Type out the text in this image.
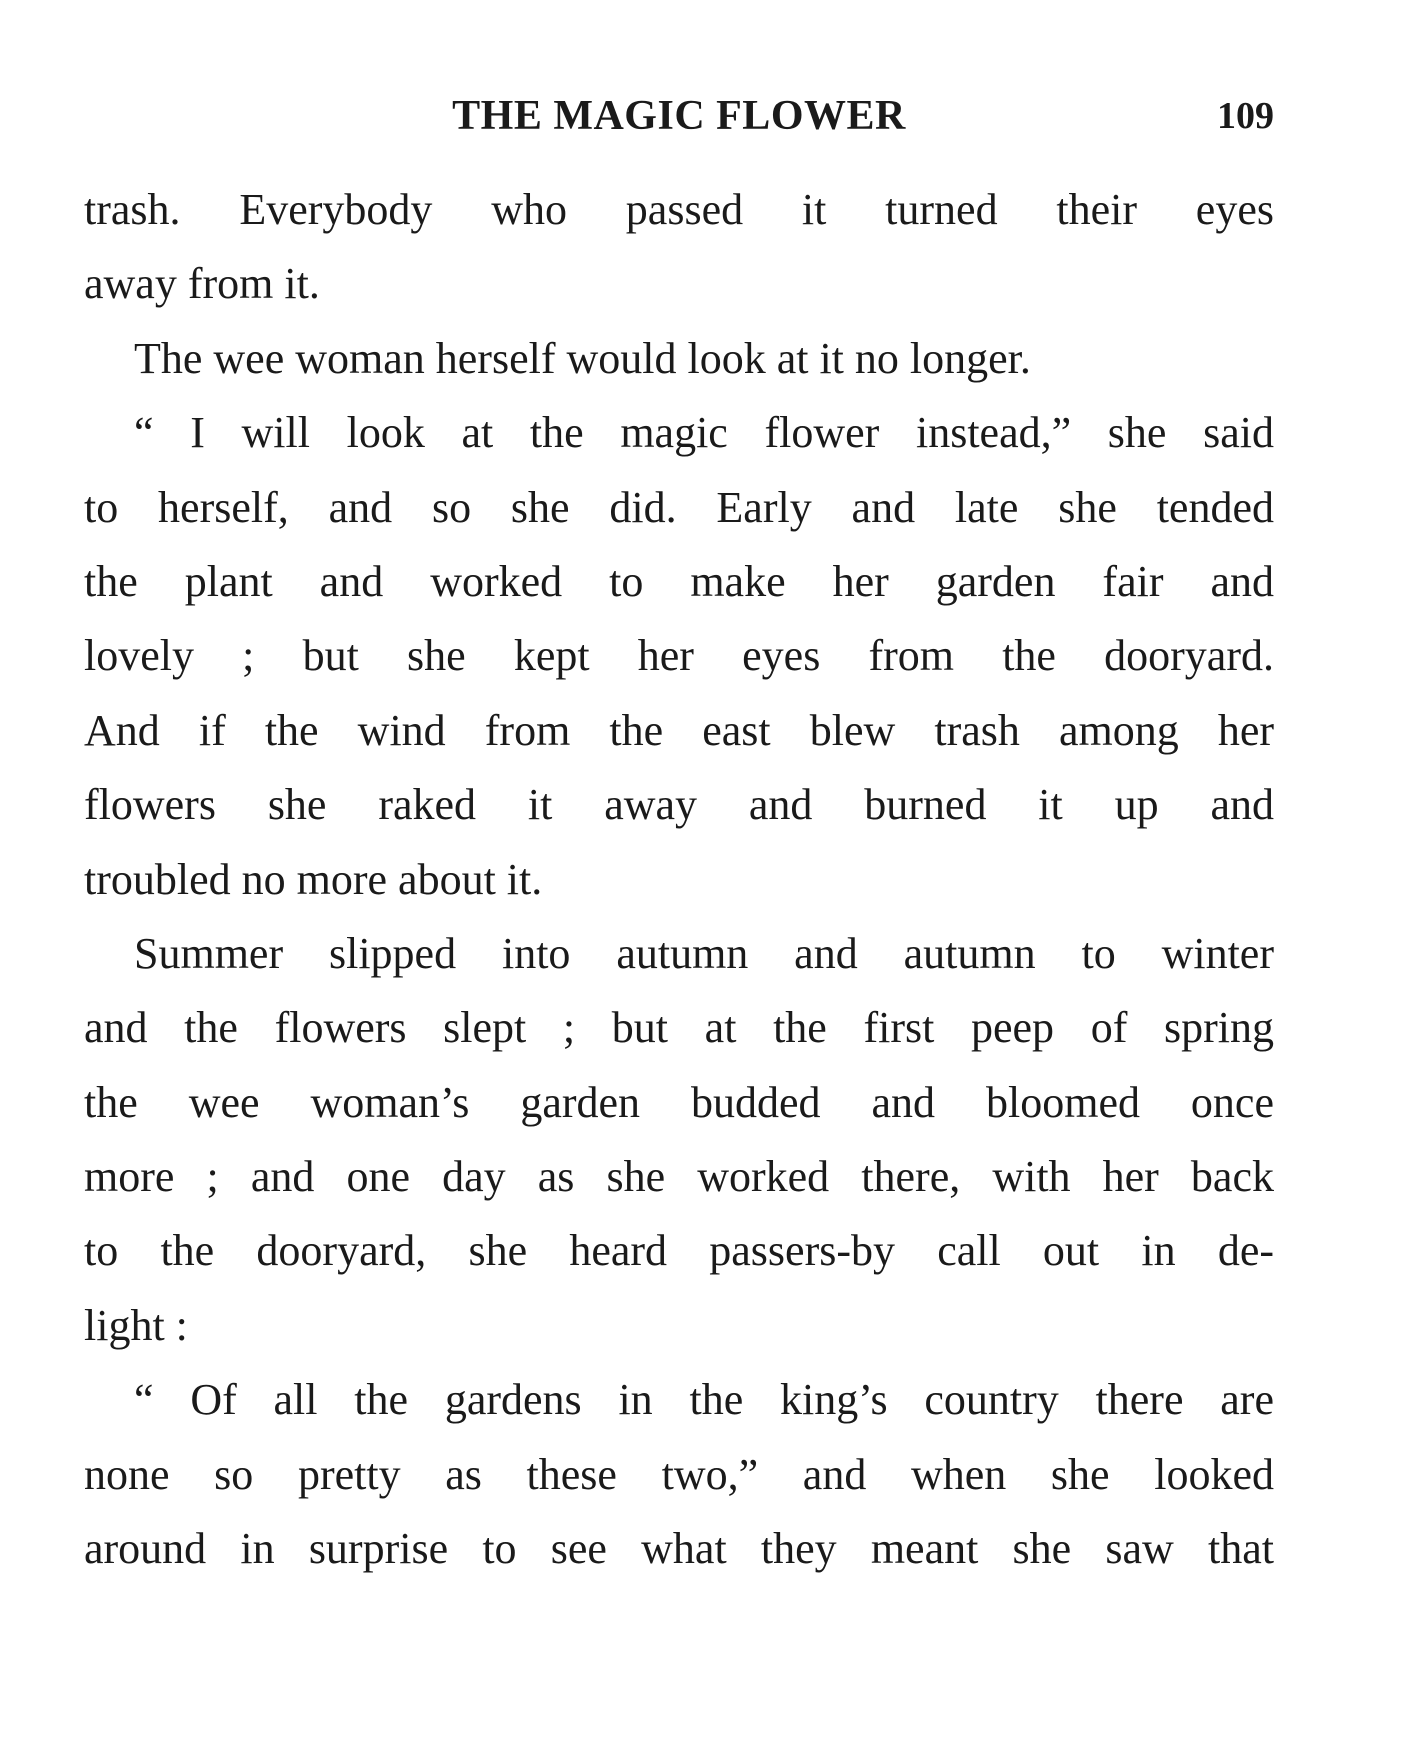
THE MAGIC FLOWER	109
trash. Everybody who passed it turned their eyes
away from it.
The wee woman herself would look at it no longer.
“ I will look at the magic flower instead,” she said
to herself, and so she did. Early and late she tended
the plant and worked to make her garden fair and
lovely ; but she kept her eyes from the dooryard.
And if the wind from the east blew trash among her
flowers she raked it away and burned it up and
troubled no more about it.
Summer slipped into autumn and autumn to winter
and the flowers slept ; but at the first peep of spring
the wee woman’s garden budded and bloomed once
more ; and one day as she worked there, with her back
to the dooryard, she heard passers-by call out in de-
light :
“ Of all the gardens in the king’s country there are
none so pretty as these two,” and when she looked
around in surprise to see what they meant she saw that
